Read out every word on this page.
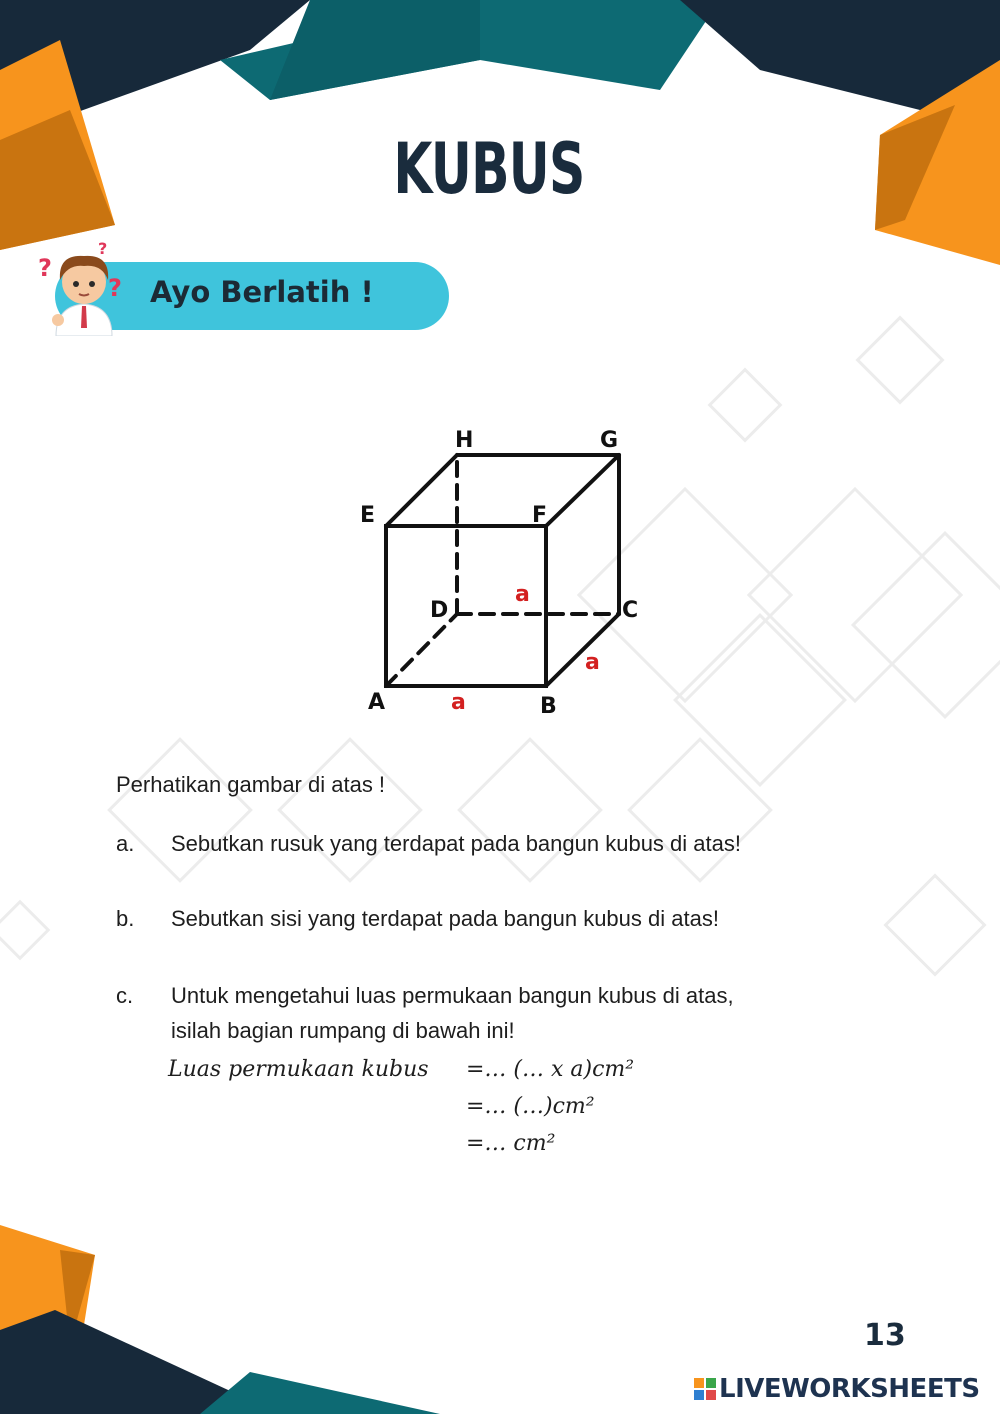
KUBUS
?
?
? Ayo Berlatih !
H	G
E	F
D	C
A	B
a
a
a
Perhatikan gambar di atas !
a. Sebutkan rusuk yang terdapat pada bangun kubus di atas!
b. Sebutkan sisi yang terdapat pada bangun kubus di atas!
c. Untuk mengetahui luas permukaan bangun kubus di atas,
isilah bagian rumpang di bawah ini!
Luas permukaan kubus =… (… x a)cm²
=… (…)cm²
=… cm²
13
LIVEWORKSHEETS
